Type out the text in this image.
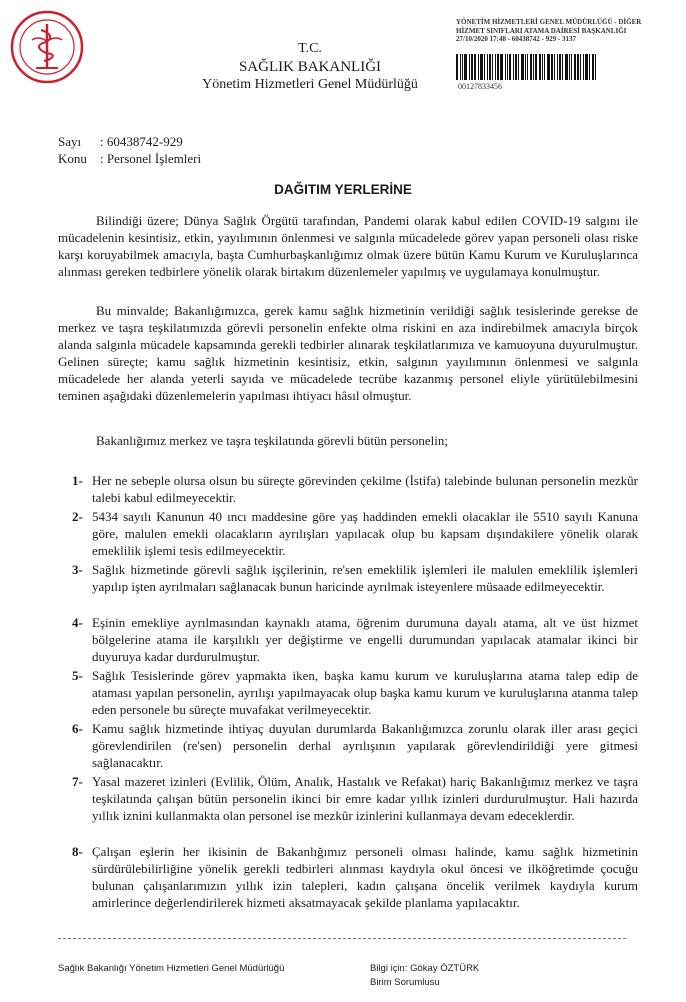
T.C.
SAĞLIK BAKANLIĞI
Yönetim Hizmetleri Genel Müdürlüğü
YÖNETİM HİZMETLERİ GENEL MÜDÜRLÜĞÜ - DİĞER
HİZMET SINIFLARI ATAMA DAİRESİ BAŞKANLIĞI
27/10/2020 17:48 - 60438742 - 929 - 3137
00127833456
Sayı : 60438742-929
Konu : Personel İşlemleri
DAĞITIM YERLERİNE

Bilindiği üzere; Dünya Sağlık Örgütü tarafından, Pandemi olarak kabul edilen COVID-19 salgını ile mücadelenin kesintisiz, etkin, yayılımının önlenmesi ve salgınla mücadelede görev yapan personeli olası riske karşı koruyabilmek amacıyla, başta Cumhurbaşkanlığımız olmak üzere bütün Kamu Kurum ve Kuruluşlarınca alınması gereken tedbirlere yönelik olarak birtakım düzenlemeler yapılmış ve uygulamaya konulmuştur.

Bu minvalde; Bakanlığımızca, gerek kamu sağlık hizmetinin verildiği sağlık tesislerinde gerekse de merkez ve taşra teşkilatımızda görevli personelin enfekte olma riskini en aza indirebilmek amacıyla birçok alanda salgınla mücadele kapsamında gerekli tedbirler alınarak teşkilatlarımıza ve kamuoyuna duyurulmuştur. Gelinen süreçte; kamu sağlık hizmetinin kesintisiz, etkin, salgının yayılımının önlenmesi ve salgınla mücadelede her alanda yeterli sayıda ve mücadelede tecrübe kazanmış personel eliyle yürütülebilmesini teminen aşağıdaki düzenlemelerin yapılması ihtiyacı hâsıl olmuştur.

Bakanlığımız merkez ve taşra teşkilatında görevli bütün personelin;
1- Her ne sebeple olursa olsun bu süreçte görevinden çekilme (İstifa) talebinde bulunan personelin mezkûr talebi kabul edilmeyecektir.
2- 5434 sayılı Kanunun 40 ıncı maddesine göre yaş haddinden emekli olacaklar ile 5510 sayılı Kanuna göre, malulen emekli olacakların ayrılışları yapılacak olup bu kapsam dışındakilere yönelik olarak emeklilik işlemi tesis edilmeyecektir.
3- Sağlık hizmetinde görevli sağlık işçilerinin, re'sen emeklilik işlemleri ile malulen emeklilik işlemleri yapılıp işten ayrılmaları sağlanacak bunun haricinde ayrılmak isteyenlere müsaade edilmeyecektir.
4- Eşinin emekliye ayrılmasından kaynaklı atama, öğrenim durumuna dayalı atama, alt ve üst hizmet bölgelerine atama ile karşılıklı yer değiştirme ve engelli durumundan yapılacak atamalar ikinci bir duyuruya kadar durdurulmuştur.
5- Sağlık Tesislerinde görev yapmakta iken, başka kamu kurum ve kuruluşlarına atama talep edip de ataması yapılan personelin, ayrılışı yapılmayacak olup başka kamu kurum ve kuruluşlarına atanma talep eden personele bu süreçte muvafakat verilmeyecektir.
6- Kamu sağlık hizmetinde ihtiyaç duyulan durumlarda Bakanlığımızca zorunlu olarak iller arası geçici görevlendirilen (re'sen) personelin derhal ayrılışının yapılarak görevlendirildiği yere gitmesi sağlanacaktır.
7- Yasal mazeret izinleri (Evlilik, Ölüm, Analık, Hastalık ve Refakat) hariç Bakanlığımız merkez ve taşra teşkilatında çalışan bütün personelin ikinci bir emre kadar yıllık izinleri durdurulmuştur. Hali hazırda yıllık iznini kullanmakta olan personel ise mezkûr izinlerini kullanmaya devam edeceklerdir.
8- Çalışan eşlerin her ikisinin de Bakanlığımız personeli olması halinde, kamu sağlık hizmetinin sürdürülebilirliğine yönelik gerekli tedbirleri alınması kaydıyla okul öncesi ve ilköğretimde çocuğu bulunan çalışanlarımızın yıllık izin talepleri, kadın çalışana öncelik verilmek kaydıyla kurum amirlerince değerlendirilerek hizmeti aksatmayacak şekilde planlama yapılacaktır.
Sağlık Bakanlığı Yönetim Hizmetleri Genel Müdürlüğü	Bilgi için: Gökay ÖZTÜRK
Birim Sorumlusu
